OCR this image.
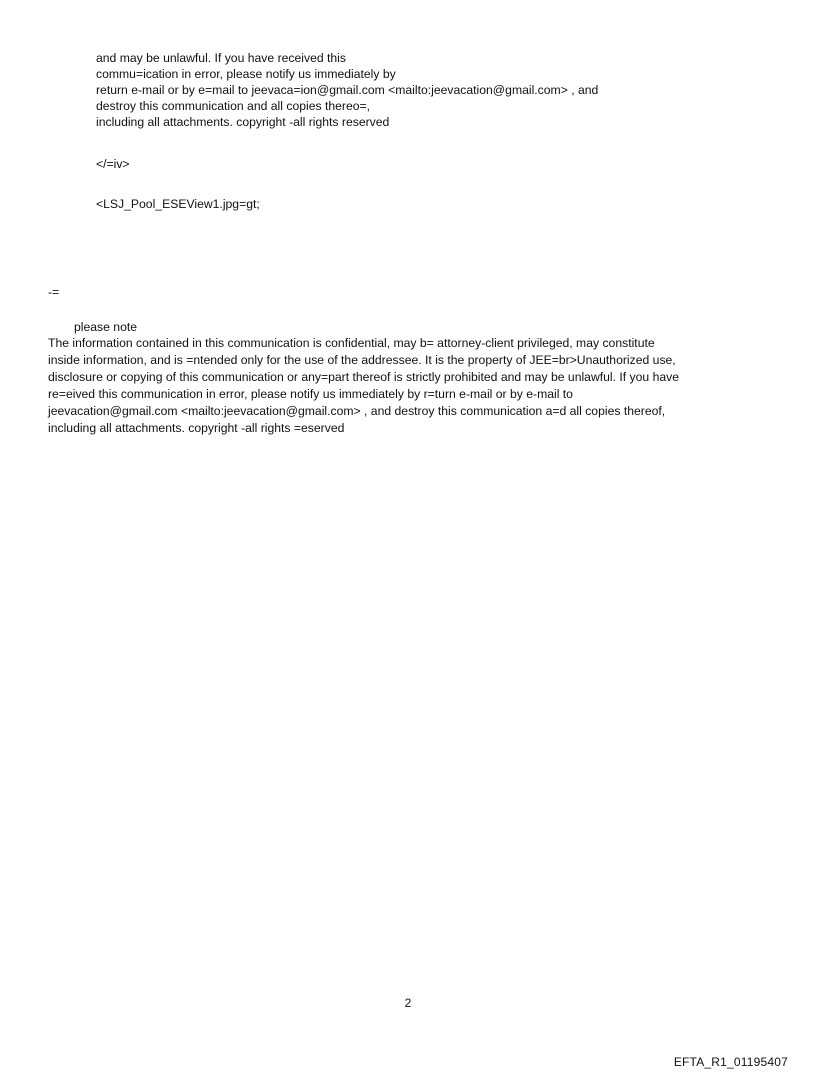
and may be unlawful. If you have received this
commu=ication in error, please notify us immediately by
return e-mail or by e=mail to jeevaca=ion@gmail.com <mailto:jeevacation@gmail.com> , and
destroy this communication and all copies thereo=,
including all attachments. copyright -all rights reserved
</=iv>
<LSJ_Pool_ESEView1.jpg=gt;
-=
please note
The information contained in this communication is confidential, may b= attorney-client privileged, may constitute
inside information, and is =ntended only for the use of the addressee. It is the property of JEE=br>Unauthorized use,
disclosure or copying of this communication or any=part thereof is strictly prohibited and may be unlawful. If you have
re=eived this communication in error, please notify us immediately by r=turn e-mail or by e-mail to
jeevacation@gmail.com <mailto:jeevacation@gmail.com> , and destroy this communication a=d all copies thereof,
including all attachments. copyright -all rights =eserved
2
EFTA_R1_01195407
